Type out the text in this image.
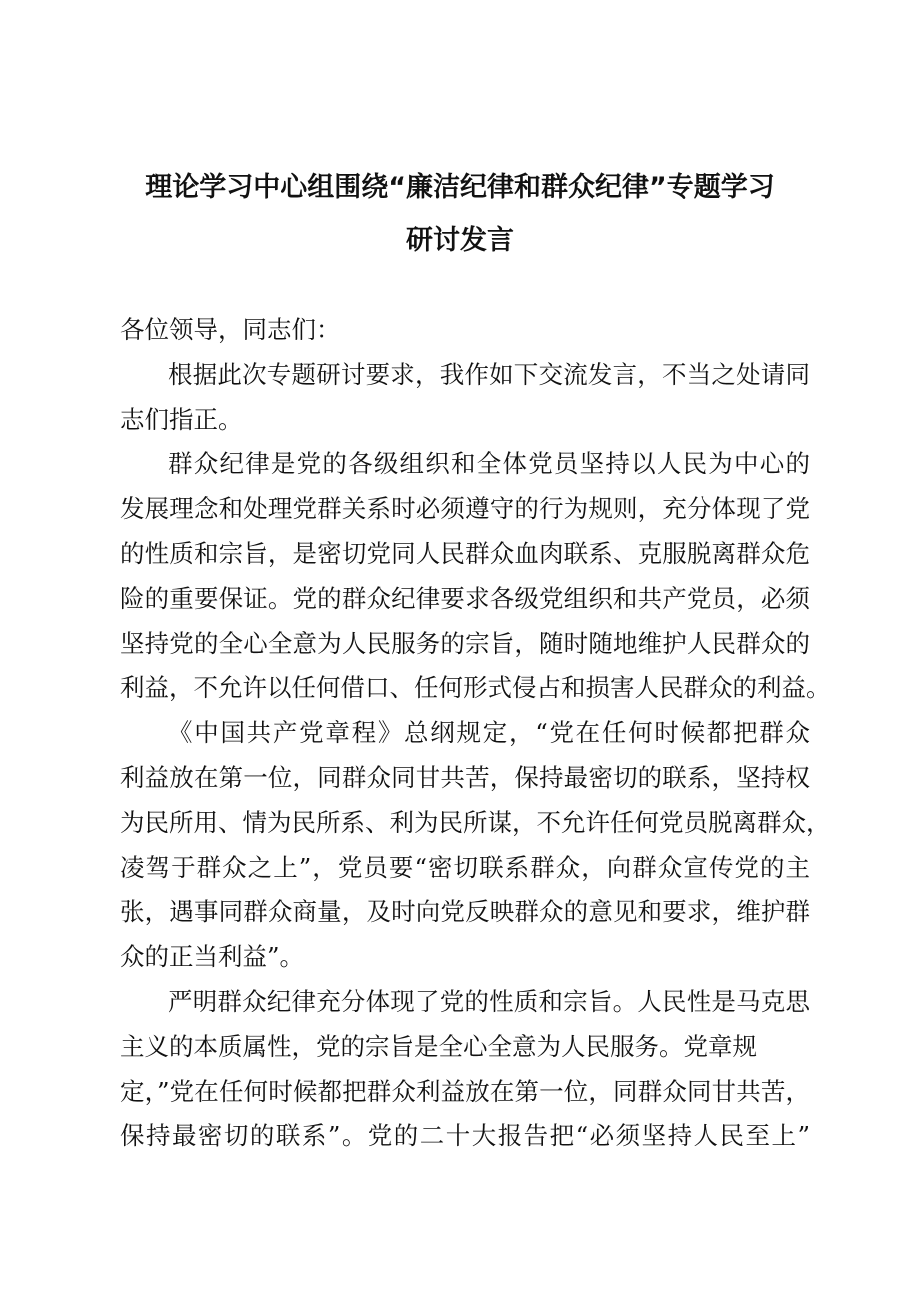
理论学习中心组围绕“廉洁纪律和群众纪律”专题学习
研讨发言
各位领导，同志们：
根据此次专题研讨要求，我作如下交流发言，不当之处请同
志们指正。
群众纪律是党的各级组织和全体党员坚持以人民为中心的
发展理念和处理党群关系时必须遵守的行为规则，充分体现了党
的性质和宗旨，是密切党同人民群众血肉联系、克服脱离群众危
险的重要保证。党的群众纪律要求各级党组织和共产党员，必须
坚持党的全心全意为人民服务的宗旨，随时随地维护人民群众的
利益，不允许以任何借口、任何形式侵占和损害人民群众的利益。
《中国共产党章程》总纲规定，“党在任何时候都把群众
利益放在第一位，同群众同甘共苦，保持最密切的联系，坚持权
为民所用、情为民所系、利为民所谋，不允许任何党员脱离群众，
凌驾于群众之上”，党员要“密切联系群众，向群众宣传党的主
张，遇事同群众商量，及时向党反映群众的意见和要求，维护群
众的正当利益”。
严明群众纪律充分体现了党的性质和宗旨。人民性是马克思
主义的本质属性，党的宗旨是全心全意为人民服务。党章规
定，”党在任何时候都把群众利益放在第一位，同群众同甘共苦，
保持最密切的联系”。党的二十大报告把“必须坚持人民至上”
